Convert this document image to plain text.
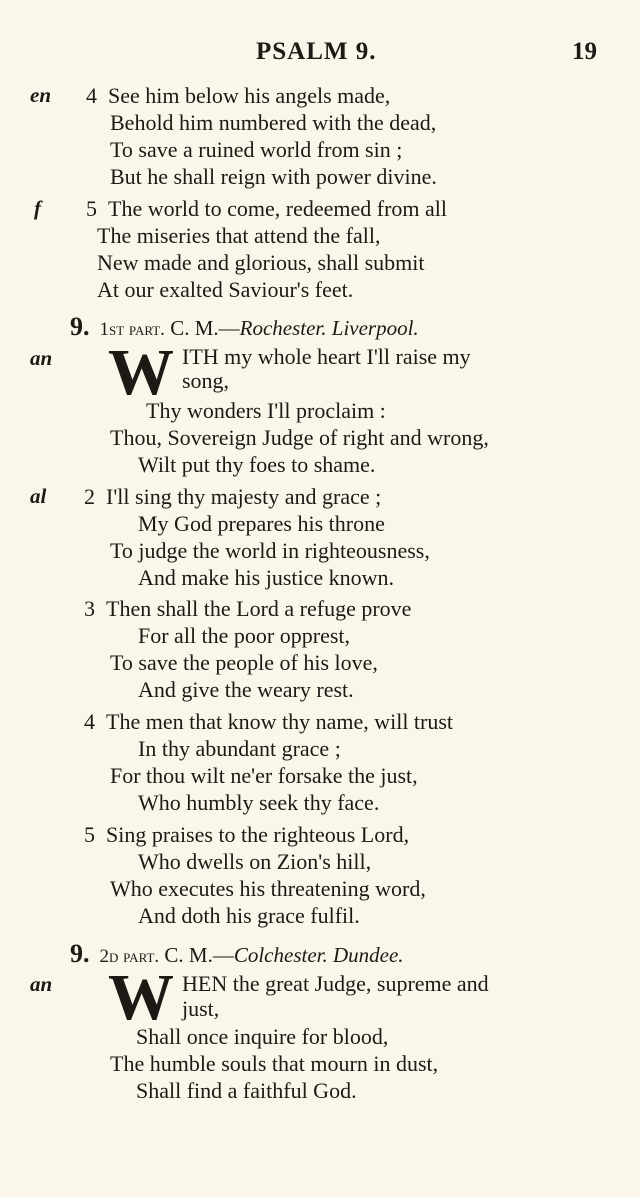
PSALM 9.	19
en 4 See him below his angels made,
Behold him numbered with the dead,
To save a ruined world from sin ;
But he shall reign with power divine.
f 5 The world to come, redeemed from all
The miseries that attend the fall,
New made and glorious, shall submit
At our exalted Saviour's feet.
9. 1st part. C. M.—Rochester. Liverpool.
an W ITH my whole heart I'll raise my
song,
Thy wonders I'll proclaim :
Thou, Sovereign Judge of right and wrong,
Wilt put thy foes to shame.
al 2 I'll sing thy majesty and grace ;
My God prepares his throne
To judge the world in righteousness,
And make his justice known.
3 Then shall the Lord a refuge prove
For all the poor opprest,
To save the people of his love,
And give the weary rest.
4 The men that know thy name, will trust
In thy abundant grace ;
For thou wilt ne'er forsake the just,
Who humbly seek thy face.
5 Sing praises to the righteous Lord,
Who dwells on Zion's hill,
Who executes his threatening word,
And doth his grace fulfil.
9. 2d part. C. M.—Colchester. Dundee.
an W HEN the great Judge, supreme and
just,
Shall once inquire for blood,
The humble souls that mourn in dust,
Shall find a faithful God.
